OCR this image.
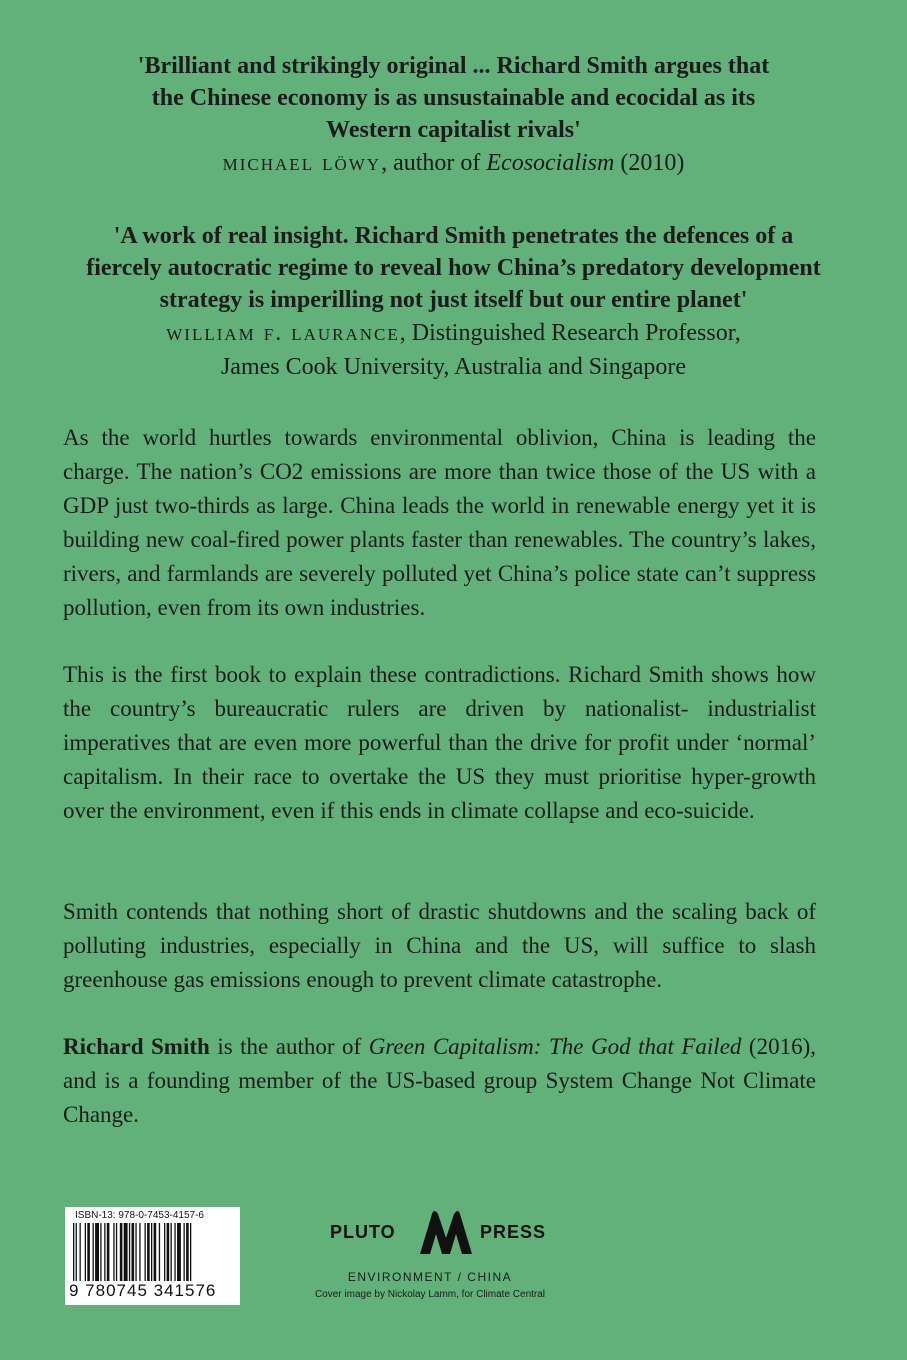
'Brilliant and strikingly original ... Richard Smith argues that
the Chinese economy is as unsustainable and ecocidal as its
Western capitalist rivals'

michael löwy, author of Ecosocialism (2010)

'A work of real insight. Richard Smith penetrates the defences of a
fiercely autocratic regime to reveal how China’s predatory development
strategy is imperilling not just itself but our entire planet'

william f. laurance, Distinguished Research Professor,
James Cook University, Australia and Singapore

As the world hurtles towards environmental oblivion, China is leading the charge. The nation’s CO2 emissions are more than twice those of the US with a GDP just two-thirds as large. China leads the world in renewable energy yet it is building new coal-fired power plants faster than renewables. The country’s lakes, rivers, and farmlands are severely polluted yet China’s police state can’t suppress pollution, even from its own industries.

This is the first book to explain these contradictions. Richard Smith shows how the country’s bureaucratic rulers are driven by nationalist- industrialist imperatives that are even more powerful than the drive for profit under ‘normal’ capitalism. In their race to overtake the US they must prioritise hyper-growth over the environment, even if this ends in climate collapse and eco-suicide.

Smith contends that nothing short of drastic shutdowns and the scaling back of polluting industries, especially in China and the US, will suffice to slash greenhouse gas emissions enough to prevent climate catastrophe.

Richard Smith is the author of Green Capitalism: The God that Failed (2016), and is a founding member of the US-based group System Change Not Climate Change.

ISBN-13: 978-0-7453-4157-6
9 780745 341576
PLUTO	PRESS
ENVIRONMENT / CHINA
Cover image by Nickolay Lamm, for Climate Central
